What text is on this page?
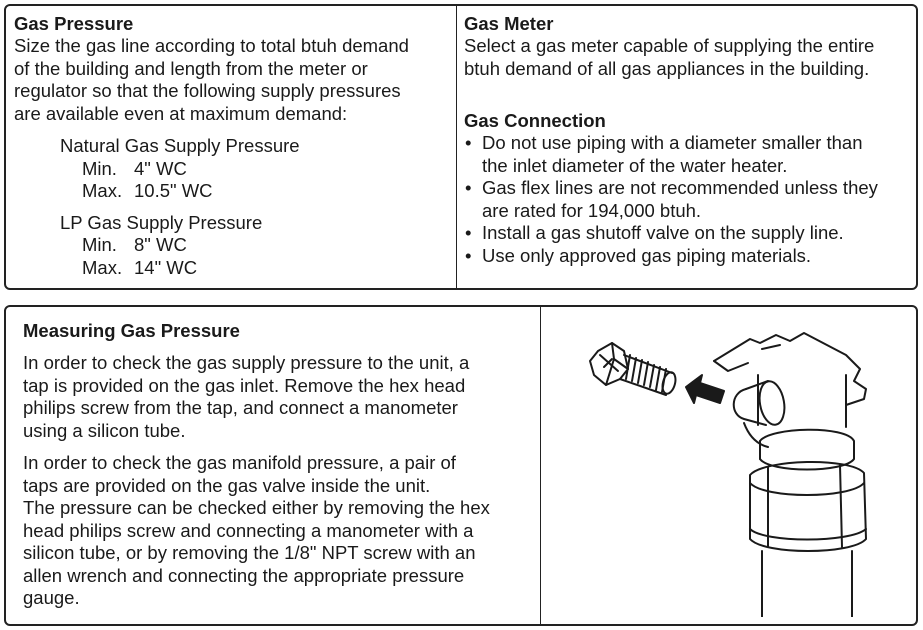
Gas Pressure
Size the gas line according to total btuh demand
of the building and length from the meter or
regulator so that the following supply pressures
are available even at maximum demand:
Natural Gas Supply Pressure
Min. 4" WC
Max. 10.5" WC
LP Gas Supply Pressure
Min. 8" WC
Max. 14" WC
Gas Meter
Select a gas meter capable of supplying the entire
btuh demand of all gas appliances in the building.
Gas Connection
• Do not use piping with a diameter smaller than
the inlet diameter of the water heater.
• Gas flex lines are not recommended unless they
are rated for 194,000 btuh.
• Install a gas shutoff valve on the supply line.
• Use only approved gas piping materials.
Measuring Gas Pressure

In order to check the gas supply pressure to the unit, a
tap is provided on the gas inlet. Remove the hex head
philips screw from the tap, and connect a manometer
using a silicon tube.

In order to check the gas manifold pressure, a pair of
taps are provided on the gas valve inside the unit.
The pressure can be checked either by removing the hex
head philips screw and connecting a manometer with a
silicon tube, or by removing the 1/8" NPT screw with an
allen wrench and connecting the appropriate pressure
gauge.
